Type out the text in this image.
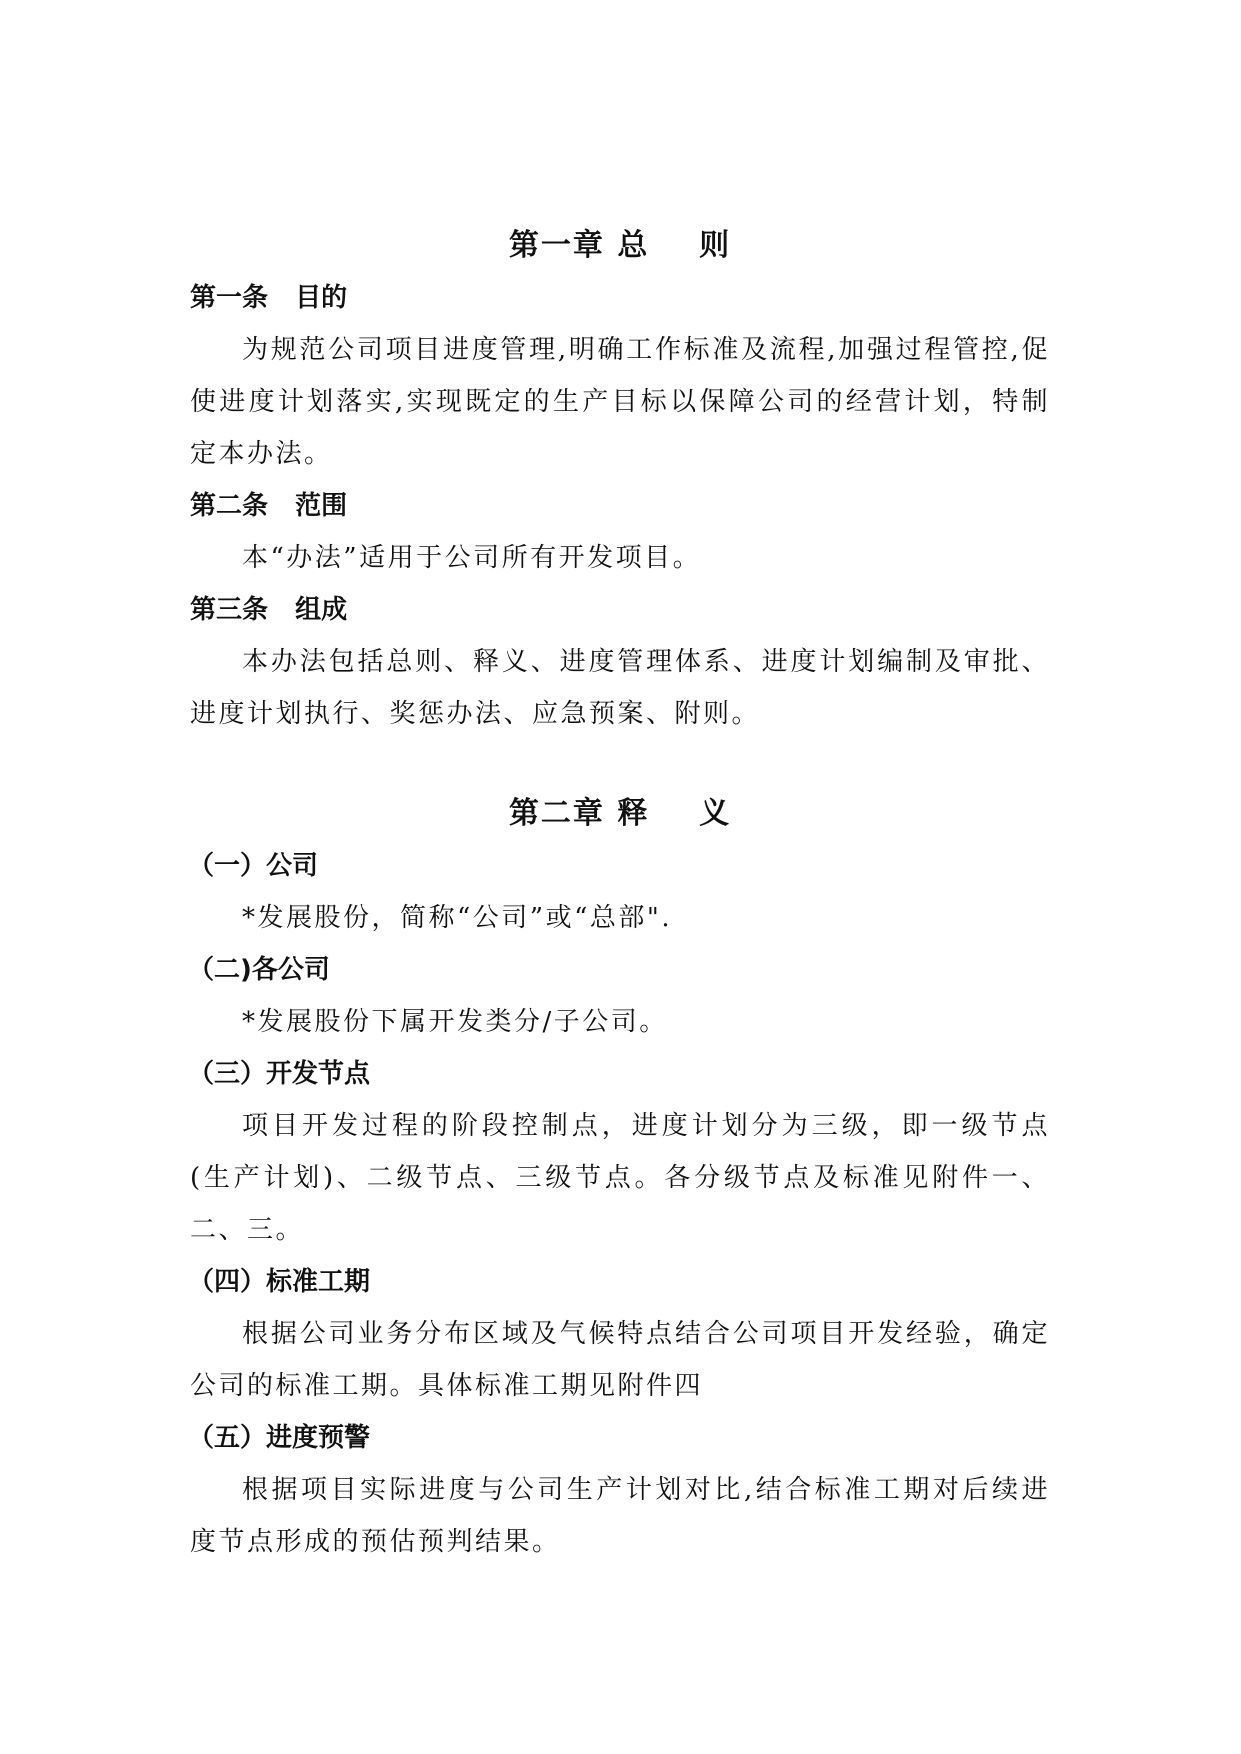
第一章 总    则
第一条   目的

为规范公司项目进度管理,明确工作标准及流程,加强过程管控,促使进度计划落实,实现既定的生产目标以保障公司的经营计划，特制定本办法。

第二条   范围

本“办法”适用于公司所有开发项目。

第三条   组成

本办法包括总则、释义、进度管理体系、进度计划编制及审批、进度计划执行、奖惩办法、应急预案、附则。

第二章 释    义
（一）公司

*发展股份，简称“公司”或“总部".

（二)各公司

*发展股份下属开发类分/子公司。

（三）开发节点

项目开发过程的阶段控制点，进度计划分为三级，即一级节点(生产计划)、二级节点、三级节点。各分级节点及标准见附件一、二、三。

（四）标准工期

根据公司业务分布区域及气候特点结合公司项目开发经验，确定公司的标准工期。具体标准工期见附件四

（五）进度预警

根据项目实际进度与公司生产计划对比,结合标准工期对后续进度节点形成的预估预判结果。
